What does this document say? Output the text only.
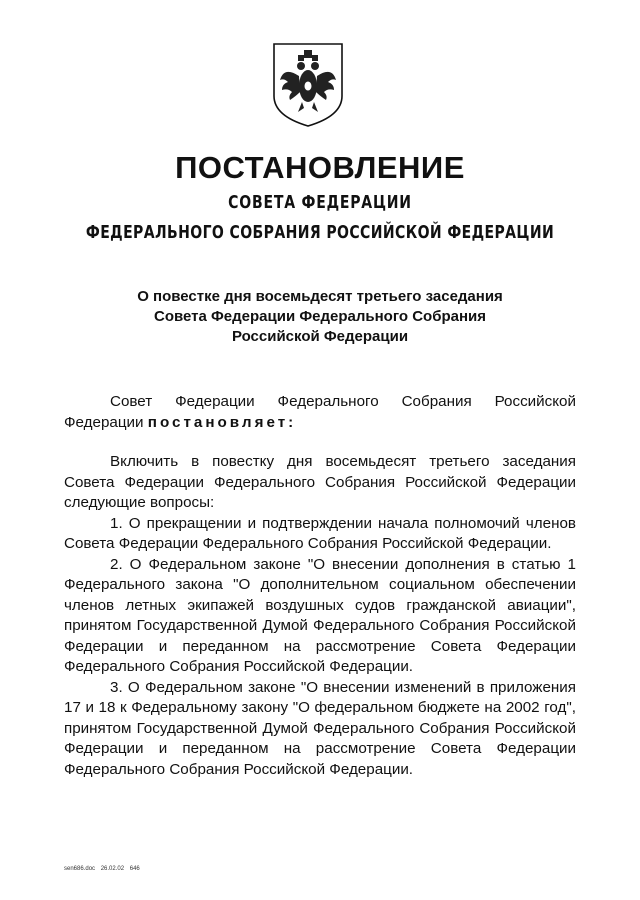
ПОСТАНОВЛЕНИЕ
СОВЕТА ФЕДЕРАЦИИ
ФЕДЕРАЛЬНОГО СОБРАНИЯ РОССИЙСКОЙ ФЕДЕРАЦИИ
О повестке дня восемьдесят третьего заседания
Совета Федерации Федерального Собрания
Российской Федерации

Совет Федерации Федерального Собрания Российской Федерации постановляет:

Включить в повестку дня восемьдесят третьего заседания Совета Федерации Федерального Собрания Российской Федерации следующие вопросы:

1. О прекращении и подтверждении начала полномочий членов Совета Федерации Федерального Собрания Российской Федерации.

2. О Федеральном законе "О внесении дополнения в статью 1 Федерального закона "О дополнительном социальном обеспечении членов летных экипажей воздушных судов гражданской авиации", принятом Государственной Думой Федерального Собрания Российской Федерации и переданном на рассмотрение Совета Федерации Федерального Собрания Российской Федерации.

3. О Федеральном законе "О внесении изменений в приложения 17 и 18 к Федеральному закону "О федеральном бюджете на 2002 год", принятом Государственной Думой Федерального Собрания Российской Федерации и переданном на рассмотрение Совета Федерации Федерального Собрания Российской Федерации.

sen686.doc 26.02.02 646
